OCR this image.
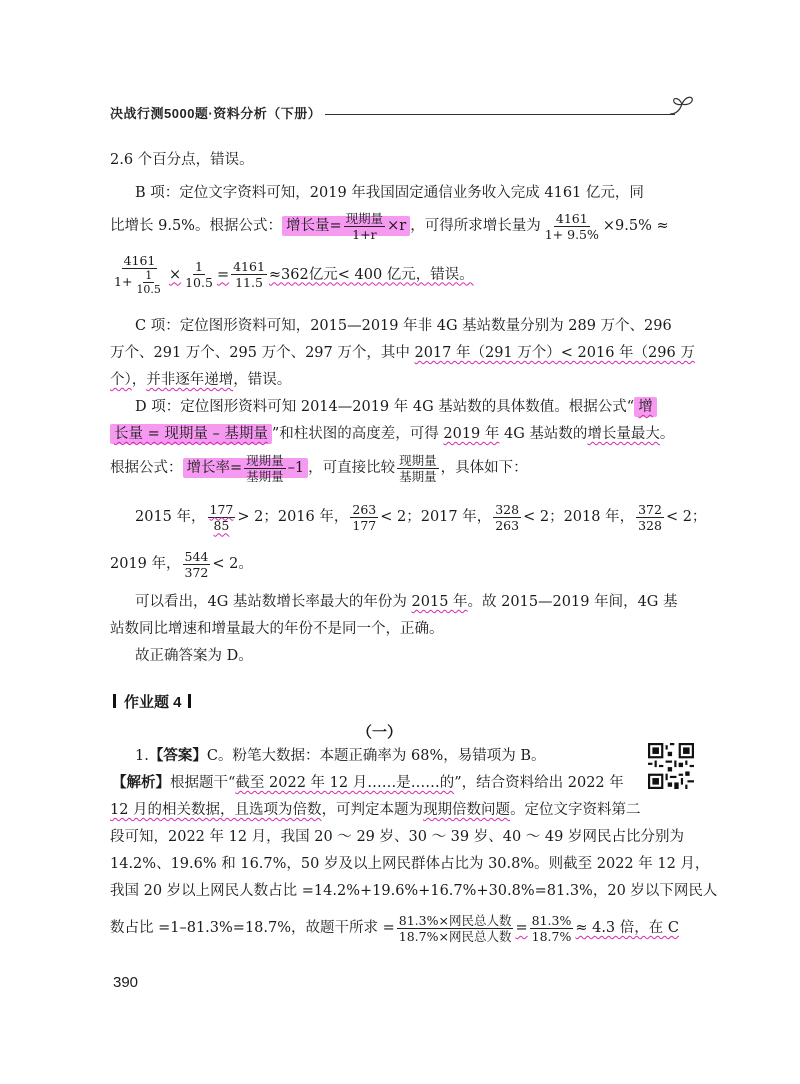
决战行测5000题·资料分析（下册）
2.6 个百分点，错误。
B 项：定位文字资料可知，2019 年我国固定通信业务收入完成 4161 亿元，同
比增长 9.5%。根据公式： 增长量= $\frac{\text{现期量}}{1+r} \times r$ ，可得所求增长量为 $\frac{4161}{1+ 9.5\%} \times 9.5\%$ ≈
$\frac{4161}{1+ \frac{1}{10.5}} \times \frac{1}{10.5} = \frac{4161}{11.5} \approx 362$亿元< 400 亿元，错误。
C 项：定位图形资料可知，2015—2019 年非 4G 基站数量分别为 289 万个、296
万个、291 万个、295 万个、297 万个，其中 2017 年（291 万个）< 2016 年（296 万
个），并非逐年递增，错误。
D 项：定位图形资料可知 2014—2019 年 4G 基站数的具体数值。根据公式“ 增
长量 = 现期量 – 基期量 ”和柱状图的高度差，可得 2019 年 4G 基站数的增长量最大。
根据公式： 增长率= $\frac{\text{现期量}}{\text{基期量}} -1$ ，可直接比较 $\frac{\text{现期量}}{\text{基期量}}$ ，具体如下：
2015 年， $\frac{177}{85} > 2$；2016 年， $\frac{263}{177} < 2$；2017 年， $\frac{328}{263} < 2$；2018 年， $\frac{372}{328} < 2$；
2019 年， $\frac{544}{372} < 2$。
可以看出，4G 基站数增长率最大的年份为 2015 年。故 2015—2019 年间，4G 基
站数同比增速和增量最大的年份不是同一个，正确。
故正确答案为 D。
作业题 4
（一）
1.【答案】C。粉笔大数据：本题正确率为 68%，易错项为 B。
【解析】根据题干“截至 2022 年 12 月……是……的”，结合资料给出 2022 年
12 月的相关数据，且选项为倍数，可判定本题为现期倍数问题。定位文字资料第二
段可知，2022 年 12 月，我国 20 ～ 29 岁、30 ～ 39 岁、40 ～ 49 岁网民占比分别为
14.2%、19.6% 和 16.7%，50 岁及以上网民群体占比为 30.8%。则截至 2022 年 12 月，
我国 20 岁以上网民人数占比 =14.2%+19.6%+16.7%+30.8%=81.3%，20 岁以下网民人
数占比 =1–81.3%=18.7%，故题干所求 = $\frac{\text{81.3\%×网民总人数}}{\text{18.7\%×网民总人数}} = \frac{81.3\%}{18.7\%} \approx 4.3$ 倍，在 C
390
